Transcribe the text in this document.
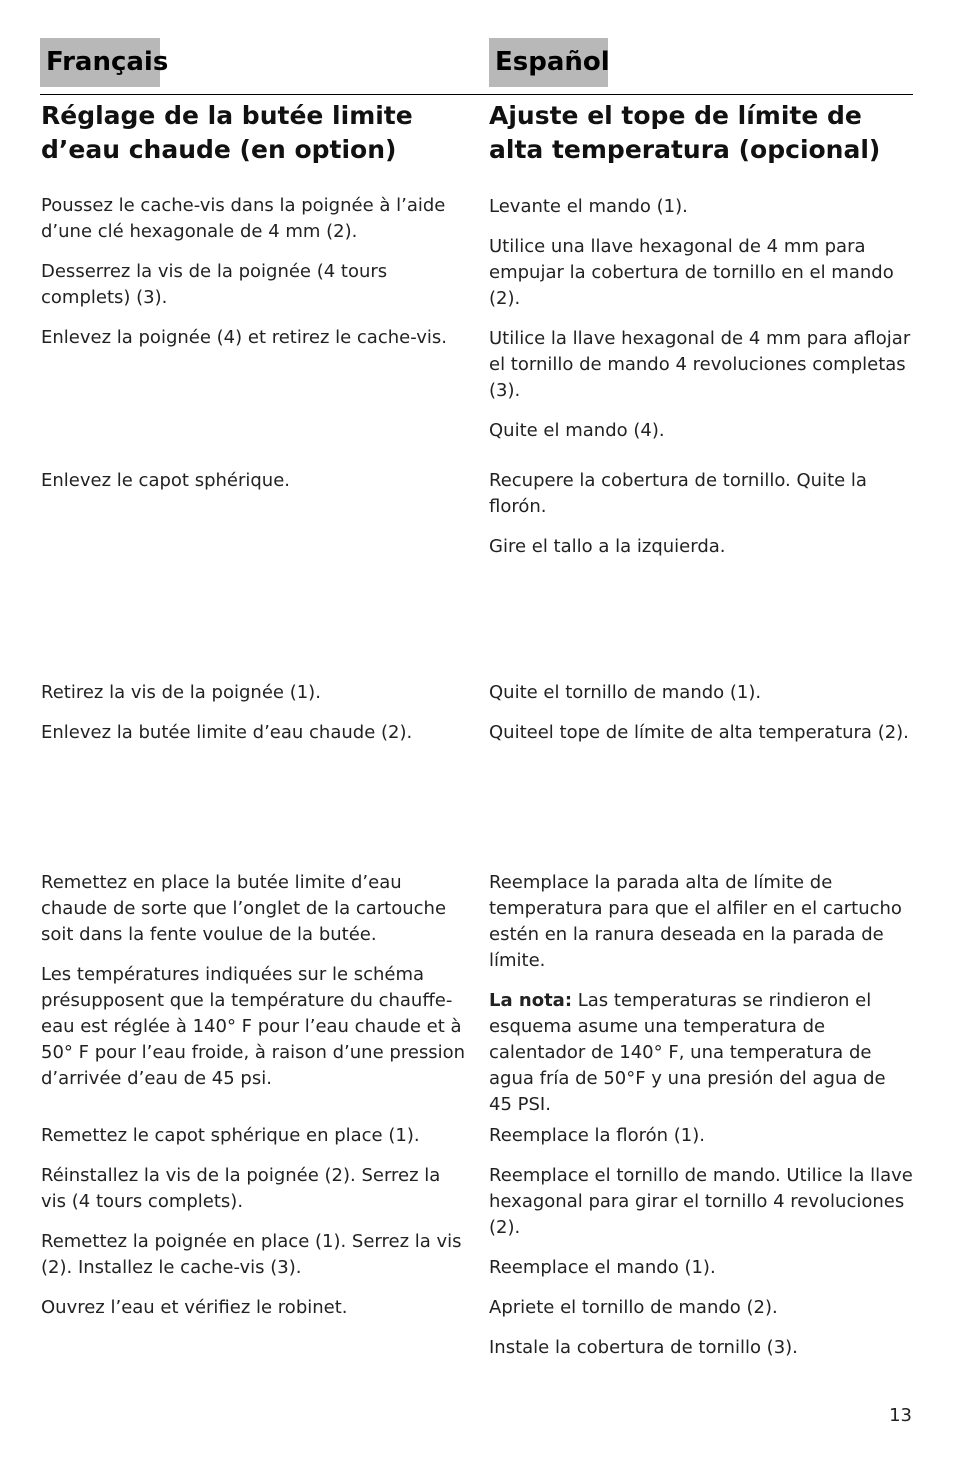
Français	Español
Réglage de la butée limite d’eau chaude (en option)
Ajuste el tope de límite de alta temperatura (opcional)

Poussez le cache-vis dans la poignée à l’aide d’une clé hexagonale de 4 mm (2).

Desserrez la vis de la poignée (4 tours complets) (3).

Enlevez la poignée (4) et retirez le cache-vis.

Enlevez le capot sphérique.

Retirez la vis de la poignée (1).

Enlevez la butée limite d’eau chaude (2).

Remettez en place la butée limite d’eau chaude de sorte que l’onglet de la cartouche soit dans la fente voulue de la butée.

Les températures indiquées sur le schéma présupposent que la température du chauffe-eau est réglée à 140° F pour l’eau chaude et à 50° F pour l’eau froide, à raison d’une pression d’arrivée d’eau de 45 psi.

Remettez le capot sphérique en place (1).

Réinstallez la vis de la poignée (2). Serrez la vis (4 tours complets).

Remettez la poignée en place (1). Serrez la vis (2). Installez le cache-vis (3).

Ouvrez l’eau et vérifiez le robinet.

Levante el mando (1).

Utilice una llave hexagonal de 4 mm para empujar la cobertura de tornillo en el mando (2).

Utilice la llave hexagonal de 4 mm para aflojar el tornillo de mando 4 revoluciones completas (3).

Quite el mando (4).

Recupere la cobertura de tornillo. Quite la florón.

Gire el tallo a la izquierda.

Quite el tornillo de mando (1).

Quiteel tope de límite de alta temperatura (2).

Reemplace la parada alta de límite de temperatura para que el alfiler en el cartucho estén en la ranura deseada en la parada de límite.

La nota: Las temperaturas se rindieron el esquema asume una temperatura de calentador de 140° F, una temperatura de agua fría de 50°F y una presión del agua de 45 PSI.

Reemplace la florón (1).

Reemplace el tornillo de mando. Utilice la llave hexagonal para girar el tornillo 4 revoluciones (2).

Reemplace el mando (1).

Apriete el tornillo de mando (2).

Instale la cobertura de tornillo (3).

13
